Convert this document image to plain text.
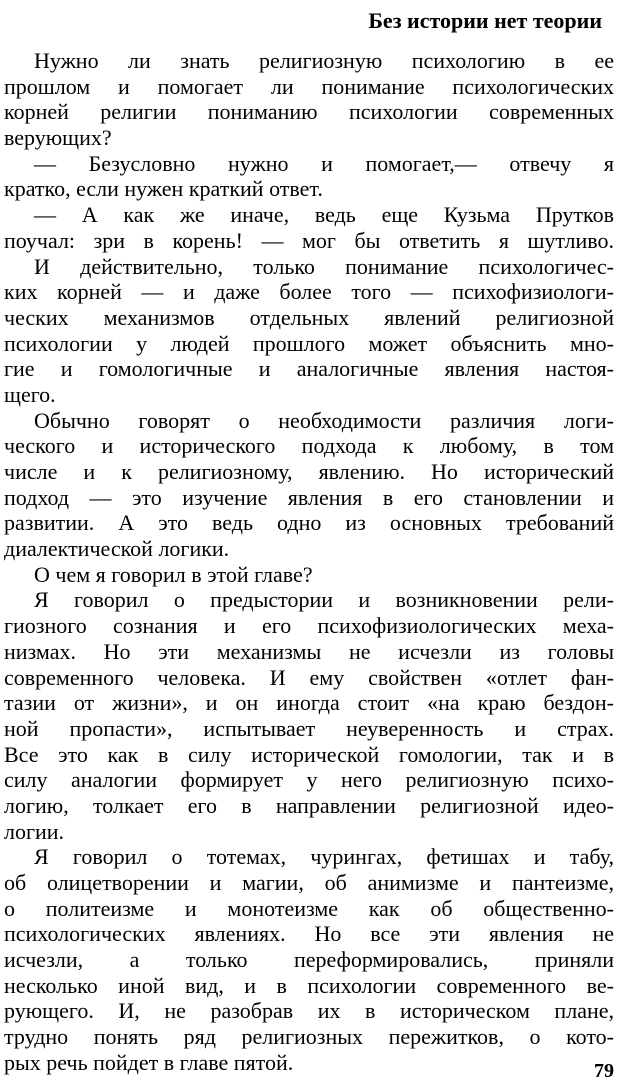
Без истории нет теории
Нужно ли знать религиозную психологию в ее
прошлом и помогает ли понимание психологических
корней религии пониманию психологии современных
верующих?
— Безусловно нужно и помогает,— отвечу я
кратко, если нужен краткий ответ.
— А как же иначе, ведь еще Кузьма Прутков
поучал: зри в корень! — мог бы ответить я шутливо.
И действительно, только понимание психологичес-
ких корней — и даже более того — психофизиологи-
ческих механизмов отдельных явлений религиозной
психологии у людей прошлого может объяснить мно-
гие и гомологичные и аналогичные явления настоя-
щего.
Обычно говорят о необходимости различия логи-
ческого и исторического подхода к любому, в том
числе и к религиозному, явлению. Но исторический
подход — это изучение явления в его становлении и
развитии. А это ведь одно из основных требований
диалектической логики.
О чем я говорил в этой главе?
Я говорил о предыстории и возникновении рели-
гиозного сознания и его психофизиологических меха-
низмах. Но эти механизмы не исчезли из головы
современного человека. И ему свойствен «отлет фан-
тазии от жизни», и он иногда стоит «на краю бездон-
ной пропасти», испытывает неуверенность и страх.
Все это как в силу исторической гомологии, так и в
силу аналогии формирует у него религиозную психо-
логию, толкает его в направлении религиозной идео-
логии.
Я говорил о тотемах, чурингах, фетишах и табу,
об олицетворении и магии, об анимизме и пантеизме,
о политеизме и монотеизме как об общественно-
психологических явлениях. Но все эти явления не
исчезли, а только переформировались, приняли
несколько иной вид, и в психологии современного ве-
рующего. И, не разобрав их в историческом плане,
трудно понять ряд религиозных пережитков, о кото-
рых речь пойдет в главе пятой.	79
